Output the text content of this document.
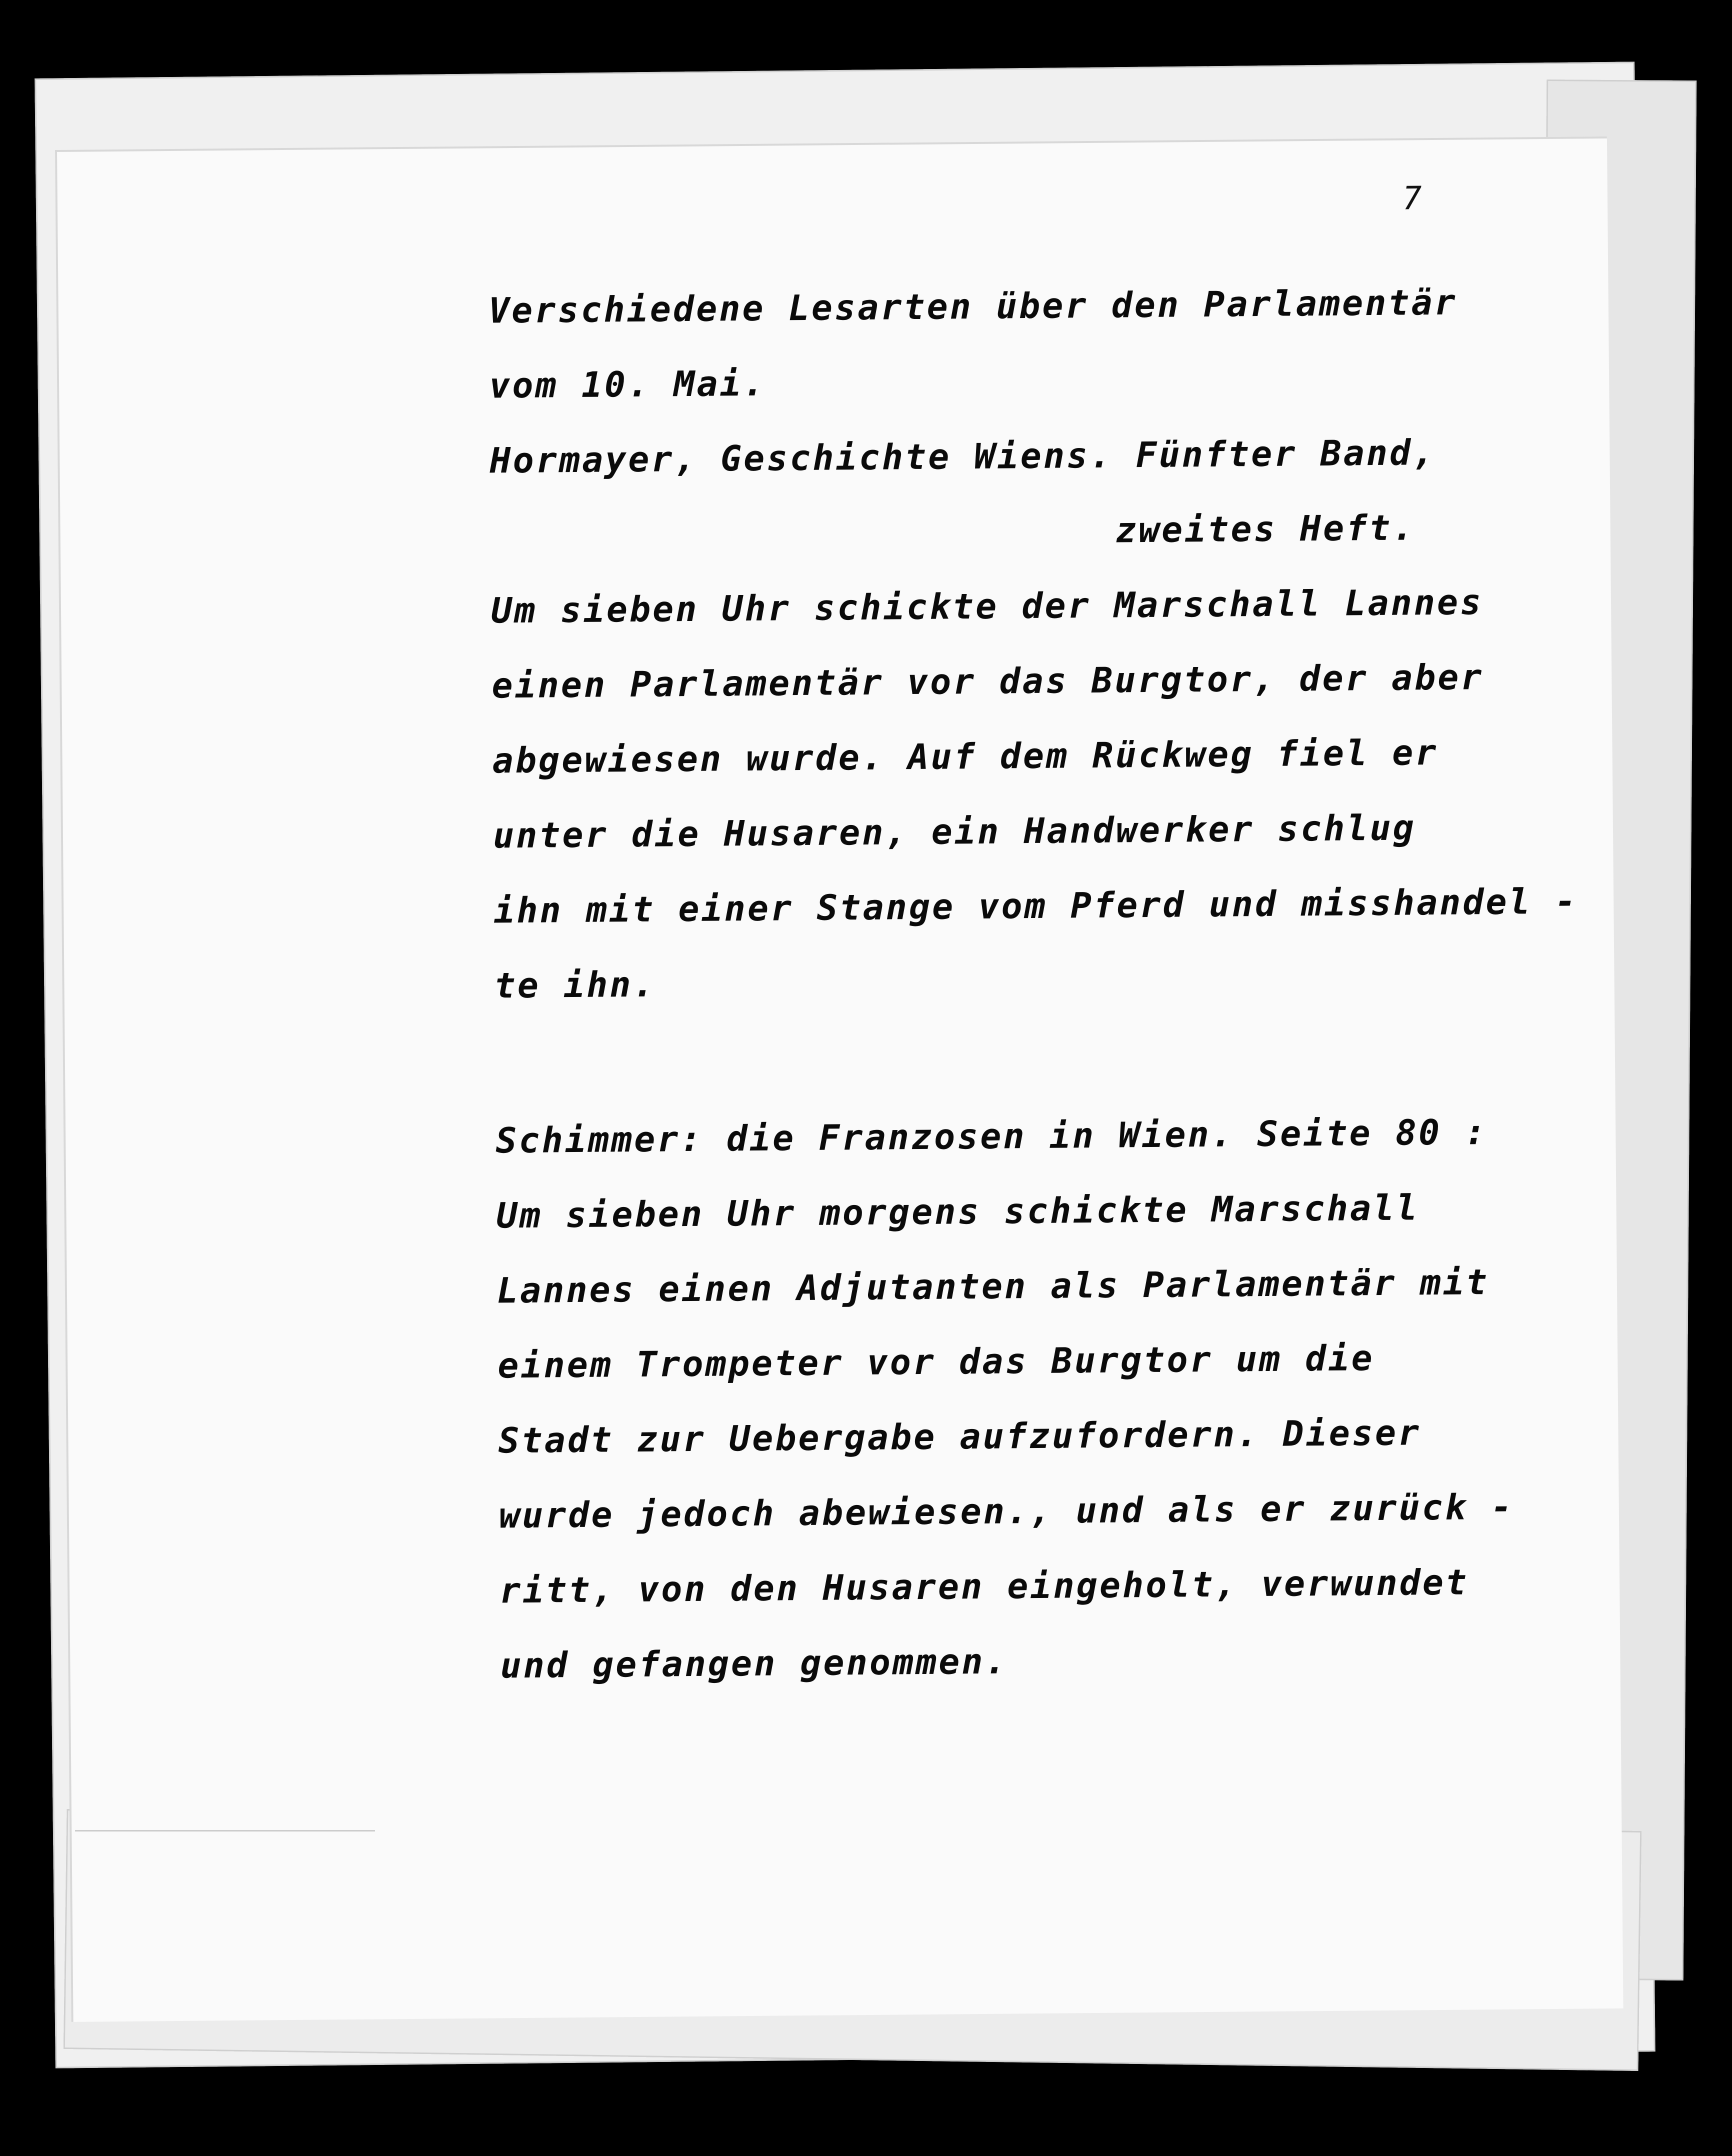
7
Verschiedene Lesarten über den Parlamentär
vom 10. Mai.
Hormayer, Geschichte Wiens. Fünfter Band,
zweites Heft.
Um sieben Uhr schickte der Marschall Lannes
einen Parlamentär vor das Burgtor, der aber
abgewiesen wurde. Auf dem Rückweg fiel er
unter die Husaren, ein Handwerker schlug
ihn mit einer Stange vom Pferd und misshandel -
te ihn.
Schimmer: die Franzosen in Wien. Seite 80 :
Um sieben Uhr morgens schickte Marschall
Lannes einen Adjutanten als Parlamentär mit
einem Trompeter vor das Burgtor um die
Stadt zur Uebergabe aufzufordern. Dieser
wurde jedoch abewiesen., und als er zurück -
ritt, von den Husaren eingeholt, verwundet
und gefangen genommen.
